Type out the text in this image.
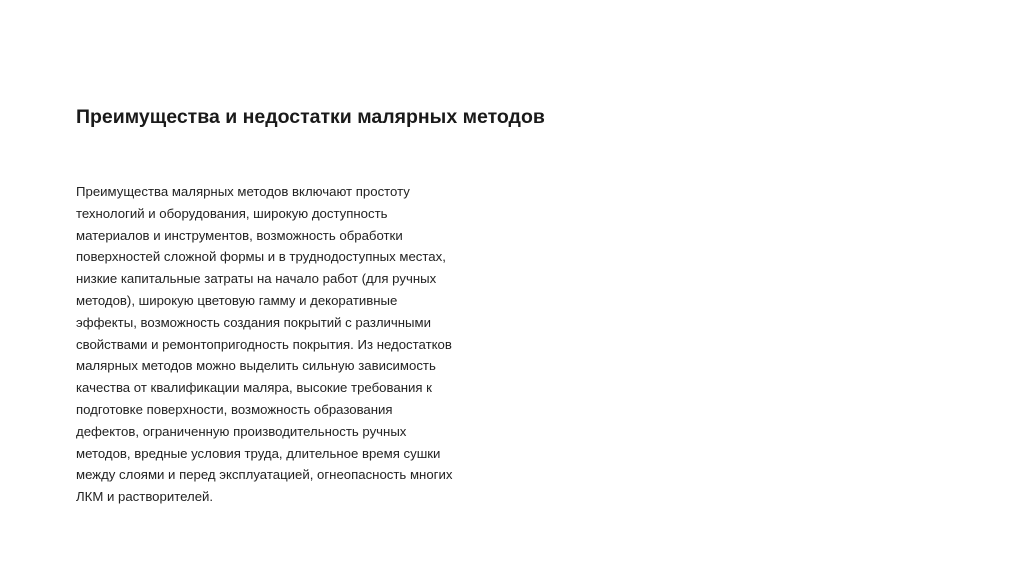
Преимущества и недостатки малярных методов
Преимущества малярных методов включают простоту
технологий и оборудования, широкую доступность
материалов и инструментов, возможность обработки
поверхностей сложной формы и в труднодоступных местах,
низкие капитальные затраты на начало работ (для ручных
методов), широкую цветовую гамму и декоративные
эффекты, возможность создания покрытий с различными
свойствами и ремонтопригодность покрытия. Из недостатков
малярных методов можно выделить сильную зависимость
качества от квалификации маляра, высокие требования к
подготовке поверхности, возможность образования
дефектов, ограниченную производительность ручных
методов, вредные условия труда, длительное время сушки
между слоями и перед эксплуатацией, огнеопасность многих
ЛКМ и растворителей.
